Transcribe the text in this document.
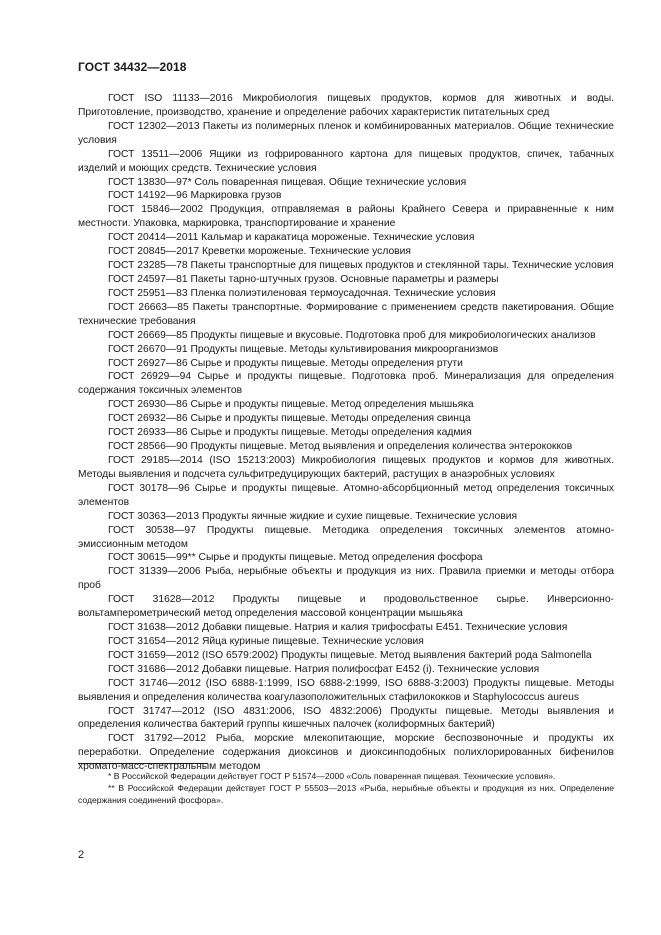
ГОСТ 34432—2018

ГОСТ ISO 11133—2016 Микробиология пищевых продуктов, кормов для животных и воды. Приготовление, производство, хранение и определение рабочих характеристик питательных сред

ГОСТ 12302—2013 Пакеты из полимерных пленок и комбинированных материалов. Общие технические условия

ГОСТ 13511—2006 Ящики из гофрированного картона для пищевых продуктов, спичек, табачных изделий и моющих средств. Технические условия

ГОСТ 13830—97* Соль поваренная пищевая. Общие технические условия

ГОСТ 14192—96 Маркировка грузов

ГОСТ 15846—2002 Продукция, отправляемая в районы Крайнего Севера и приравненные к ним местности. Упаковка, маркировка, транспортирование и хранение

ГОСТ 20414—2011 Кальмар и каракатица мороженые. Технические условия

ГОСТ 20845—2017 Креветки мороженые. Технические условия

ГОСТ 23285—78 Пакеты транспортные для пищевых продуктов и стеклянной тары. Технические условия

ГОСТ 24597—81 Пакеты тарно-штучных грузов. Основные параметры и размеры

ГОСТ 25951—83 Пленка полиэтиленовая термоусадочная. Технические условия

ГОСТ 26663—85 Пакеты транспортные. Формирование с применением средств пакетирования. Общие технические требования

ГОСТ 26669—85 Продукты пищевые и вкусовые. Подготовка проб для микробиологических анализов

ГОСТ 26670—91 Продукты пищевые. Методы культивирования микроорганизмов

ГОСТ 26927—86 Сырье и продукты пищевые. Методы определения ртути

ГОСТ 26929—94 Сырье и продукты пищевые. Подготовка проб. Минерализация для определения содержания токсичных элементов

ГОСТ 26930—86 Сырье и продукты пищевые. Метод определения мышьяка

ГОСТ 26932—86 Сырье и продукты пищевые. Методы определения свинца

ГОСТ 26933—86 Сырье и продукты пищевые. Методы определения кадмия

ГОСТ 28566—90 Продукты пищевые. Метод выявления и определения количества энтерококков

ГОСТ 29185—2014 (ISO 15213:2003) Микробиология пищевых продуктов и кормов для животных. Методы выявления и подсчета сульфитредуцирующих бактерий, растущих в анаэробных условиях

ГОСТ 30178—96 Сырье и продукты пищевые. Атомно-абсорбционный метод определения токсичных элементов

ГОСТ 30363—2013 Продукты яичные жидкие и сухие пищевые. Технические условия

ГОСТ 30538—97 Продукты пищевые. Методика определения токсичных элементов атомно-эмиссионным методом

ГОСТ 30615—99** Сырье и продукты пищевые. Метод определения фосфора

ГОСТ 31339—2006 Рыба, нерыбные объекты и продукция из них. Правила приемки и методы отбора проб

ГОСТ 31628—2012 Продукты пищевые и продовольственное сырье. Инверсионно-вольтамперометрический метод определения массовой концентрации мышьяка

ГОСТ 31638—2012 Добавки пищевые. Натрия и калия трифосфаты Е451. Технические условия

ГОСТ 31654—2012 Яйца куриные пищевые. Технические условия

ГОСТ 31659—2012 (ISO 6579:2002) Продукты пищевые. Метод выявления бактерий рода Salmonella

ГОСТ 31686—2012 Добавки пищевые. Натрия полифосфат Е452 (i). Технические условия

ГОСТ 31746—2012 (ISO 6888-1:1999, ISO 6888-2:1999, ISO 6888-3:2003) Продукты пищевые. Методы выявления и определения количества коагулазоположительных стафилококков и Staphylococcus aureus

ГОСТ 31747—2012 (ISO 4831:2006, ISO 4832:2006) Продукты пищевые. Методы выявления и определения количества бактерий группы кишечных палочек (колиформных бактерий)

ГОСТ 31792—2012 Рыба, морские млекопитающие, морские беспозвоночные и продукты их переработки. Определение содержания диоксинов и диоксинподобных полихлорированных бифенилов хромато-масс-спектральным методом

* В Российской Федерации действует ГОСТ Р 51574—2000 «Соль поваренная пищевая. Технические условия».

** В Российской Федерации действует ГОСТ Р 55503—2013 «Рыба, нерыбные объекты и продукция из них. Определение содержания соединений фосфора».

2
